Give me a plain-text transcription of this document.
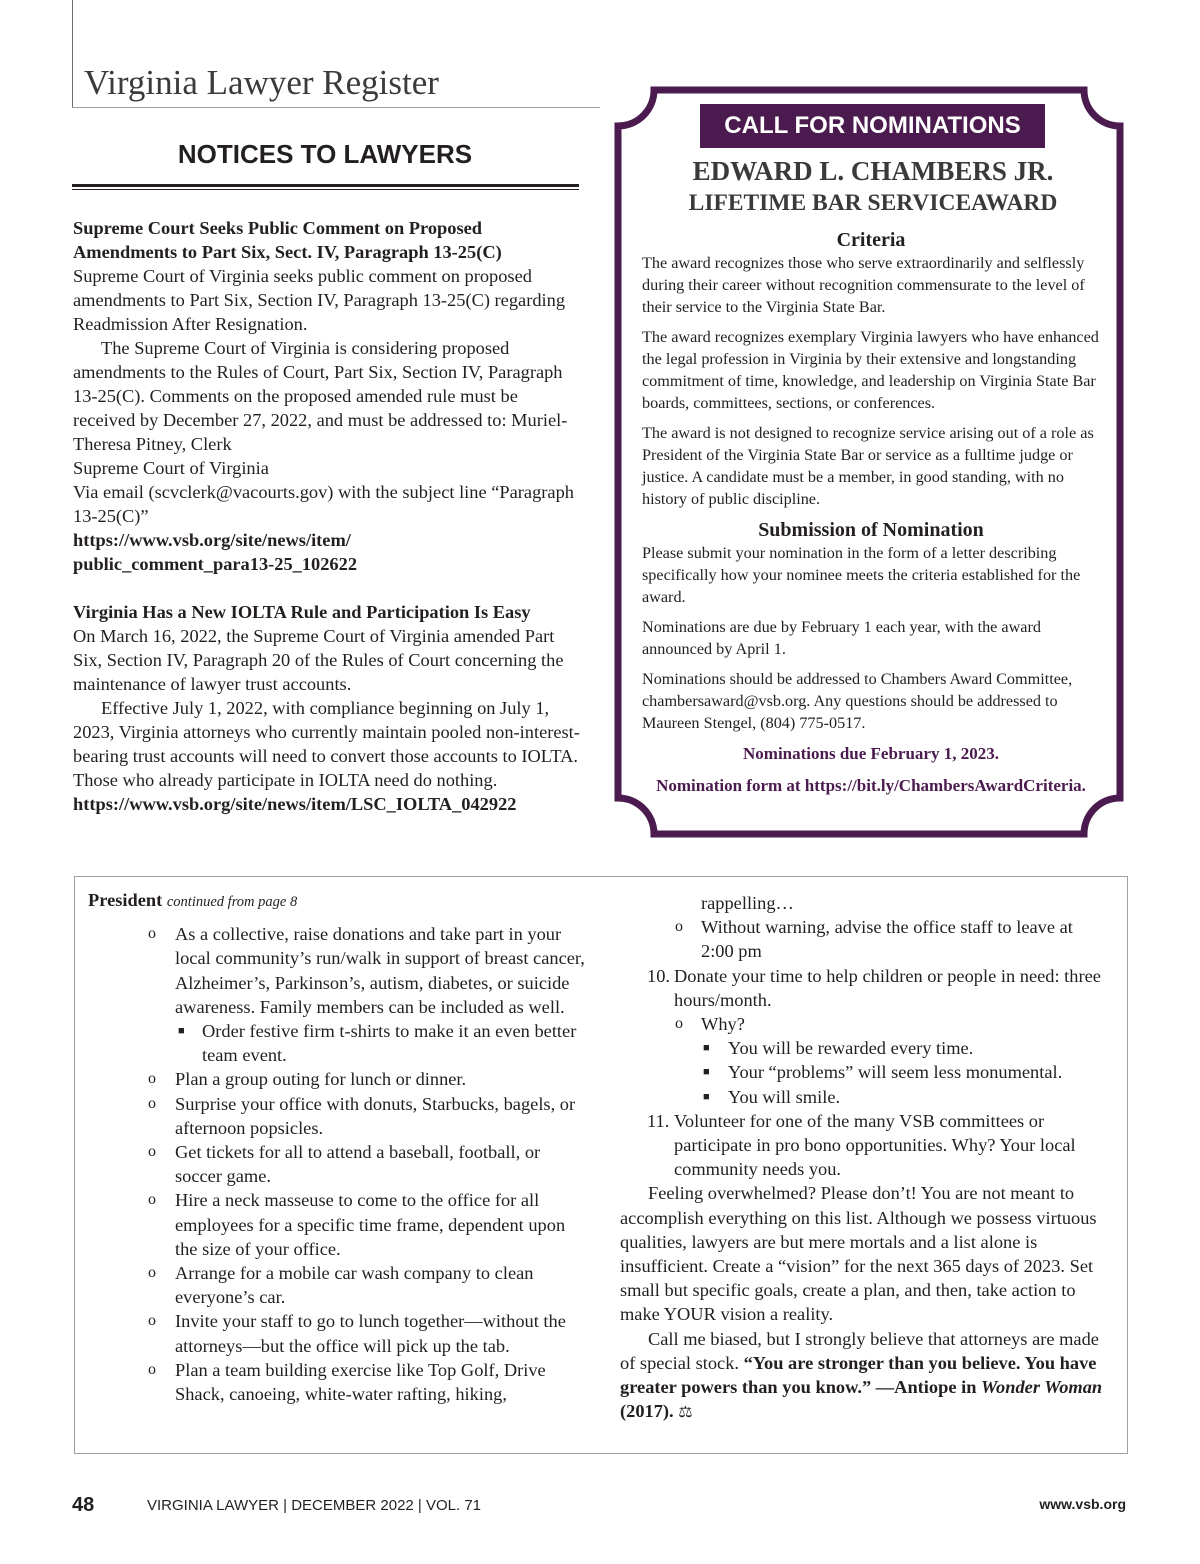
Virginia Lawyer Register
NOTICES TO LAWYERS

Supreme Court Seeks Public Comment on Proposed

Amendments to Part Six, Sect. IV, Paragraph 13-25(C)

Supreme Court of Virginia seeks public comment on proposed amendments to Part Six, Section IV, Paragraph 13-25(C) regarding Readmission After Resignation.

The Supreme Court of Virginia is considering proposed amendments to the Rules of Court, Part Six, Section IV, Paragraph 13-25(C). Comments on the proposed amended rule must be received by December 27, 2022, and must be addressed to: Muriel-Theresa Pitney, Clerk

Supreme Court of Virginia

Via email (scvclerk@vacourts.gov) with the subject line “Paragraph 13-25(C)”

https://www.vsb.org/site/news/item/

public_comment_para13-25_102622

Virginia Has a New IOLTA Rule and Participation Is Easy

On March 16, 2022, the Supreme Court of Virginia amended Part Six, Section IV, Paragraph 20 of the Rules of Court concerning the maintenance of lawyer trust accounts.

Effective July 1, 2022, with compliance beginning on July 1, 2023, Virginia attorneys who currently maintain pooled non-interest-bearing trust accounts will need to convert those accounts to IOLTA. Those who already participate in IOLTA need do nothing.

https://www.vsb.org/site/news/item/LSC_IOLTA_042922

CALL FOR NOMINATIONS
EDWARD L. CHAMBERS JR.
LIFETIME BAR SERVICEAWARD
Criteria

The award recognizes those who serve extraordinarily and selflessly during their career without recognition commensurate to the level of their service to the Virginia State Bar.

The award recognizes exemplary Virginia lawyers who have enhanced the legal profession in Virginia by their extensive and longstanding commitment of time, knowledge, and leadership on Virginia State Bar boards, committees, sections, or conferences.

The award is not designed to recognize service arising out of a role as President of the Virginia State Bar or service as a fulltime judge or justice. A candidate must be a member, in good standing, with no history of public discipline.

Submission of Nomination

Please submit your nomination in the form of a letter describing specifically how your nominee meets the criteria established for the award.

Nominations are due by February 1 each year, with the award announced by April 1.

Nominations should be addressed to Chambers Award Committee, chambersaward@vsb.org. Any questions should be addressed to Maureen Stengel, (804) 775-0517.

Nominations due February 1, 2023.

Nomination form at https://bit.ly/ChambersAwardCriteria.

President continued from page 8

o As a collective, raise donations and take part in your local community’s run/walk in support of breast cancer, Alzheimer’s, Parkinson’s, autism, diabetes, or suicide awareness. Family members can be included as well.
■ Order festive firm t-shirts to make it an even better team event.
o Plan a group outing for lunch or dinner.
o Surprise your office with donuts, Starbucks, bagels, or afternoon popsicles.
o Get tickets for all to attend a baseball, football, or soccer game.
o Hire a neck masseuse to come to the office for all employees for a specific time frame, dependent upon the size of your office.
o Arrange for a mobile car wash company to clean everyone’s car.
o Invite your staff to go to lunch together—without the attorneys—but the office will pick up the tab.
o Plan a team building exercise like Top Golf, Drive Shack, canoeing, white-water rafting, hiking,

rappelling…

o Without warning, advise the office staff to leave at 2:00 pm
10. Donate your time to help children or people in need: three hours/month.
o Why?
■ You will be rewarded every time.
■ Your “problems” will seem less monumental.
■ You will smile.
11. Volunteer for one of the many VSB committees or participate in pro bono opportunities. Why? Your local community needs you.

Feeling overwhelmed? Please don’t! You are not meant to accomplish everything on this list. Although we possess virtuous qualities, lawyers are but mere mortals and a list alone is insufficient. Create a “vision” for the next 365 days of 2023. Set small but specific goals, create a plan, and then, take action to make YOUR vision a reality.

Call me biased, but I strongly believe that attorneys are made of special stock. “You are stronger than you believe. You have greater powers than you know.” —Antiope in Wonder Woman (2017). ⚖

48	VIRGINIA LAWYER | DECEMBER 2022 | VOL. 71	www.vsb.org
